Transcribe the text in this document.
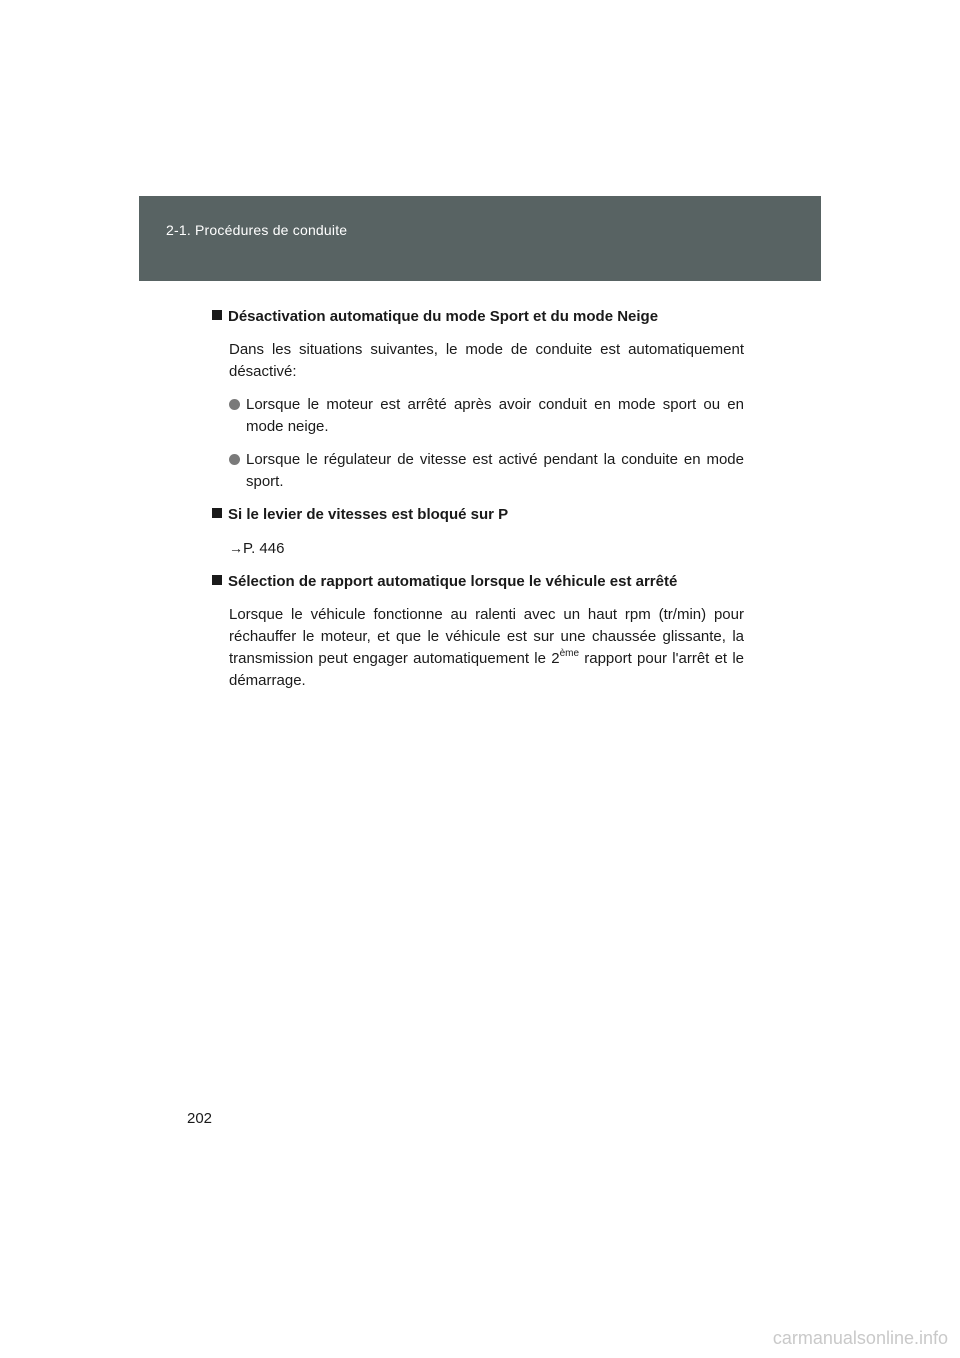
2-1. Procédures de conduite
Désactivation automatique du mode Sport et du mode Neige

Dans les situations suivantes, le mode de conduite est automatiquement désactivé:

Lorsque le moteur est arrêté après avoir conduit en mode sport ou en mode neige.
Lorsque le régulateur de vitesse est activé pendant la conduite en mode sport.
Si le levier de vitesses est bloqué sur P
→P. 446
Sélection de rapport automatique lorsque le véhicule est arrêté

Lorsque le véhicule fonctionne au ralenti avec un haut rpm (tr/min) pour réchauffer le moteur, et que le véhicule est sur une chaussée glissante, la transmission peut engager automatiquement le 2ème rapport pour l'arrêt et le démarrage.

202
carmanualsonline.info
